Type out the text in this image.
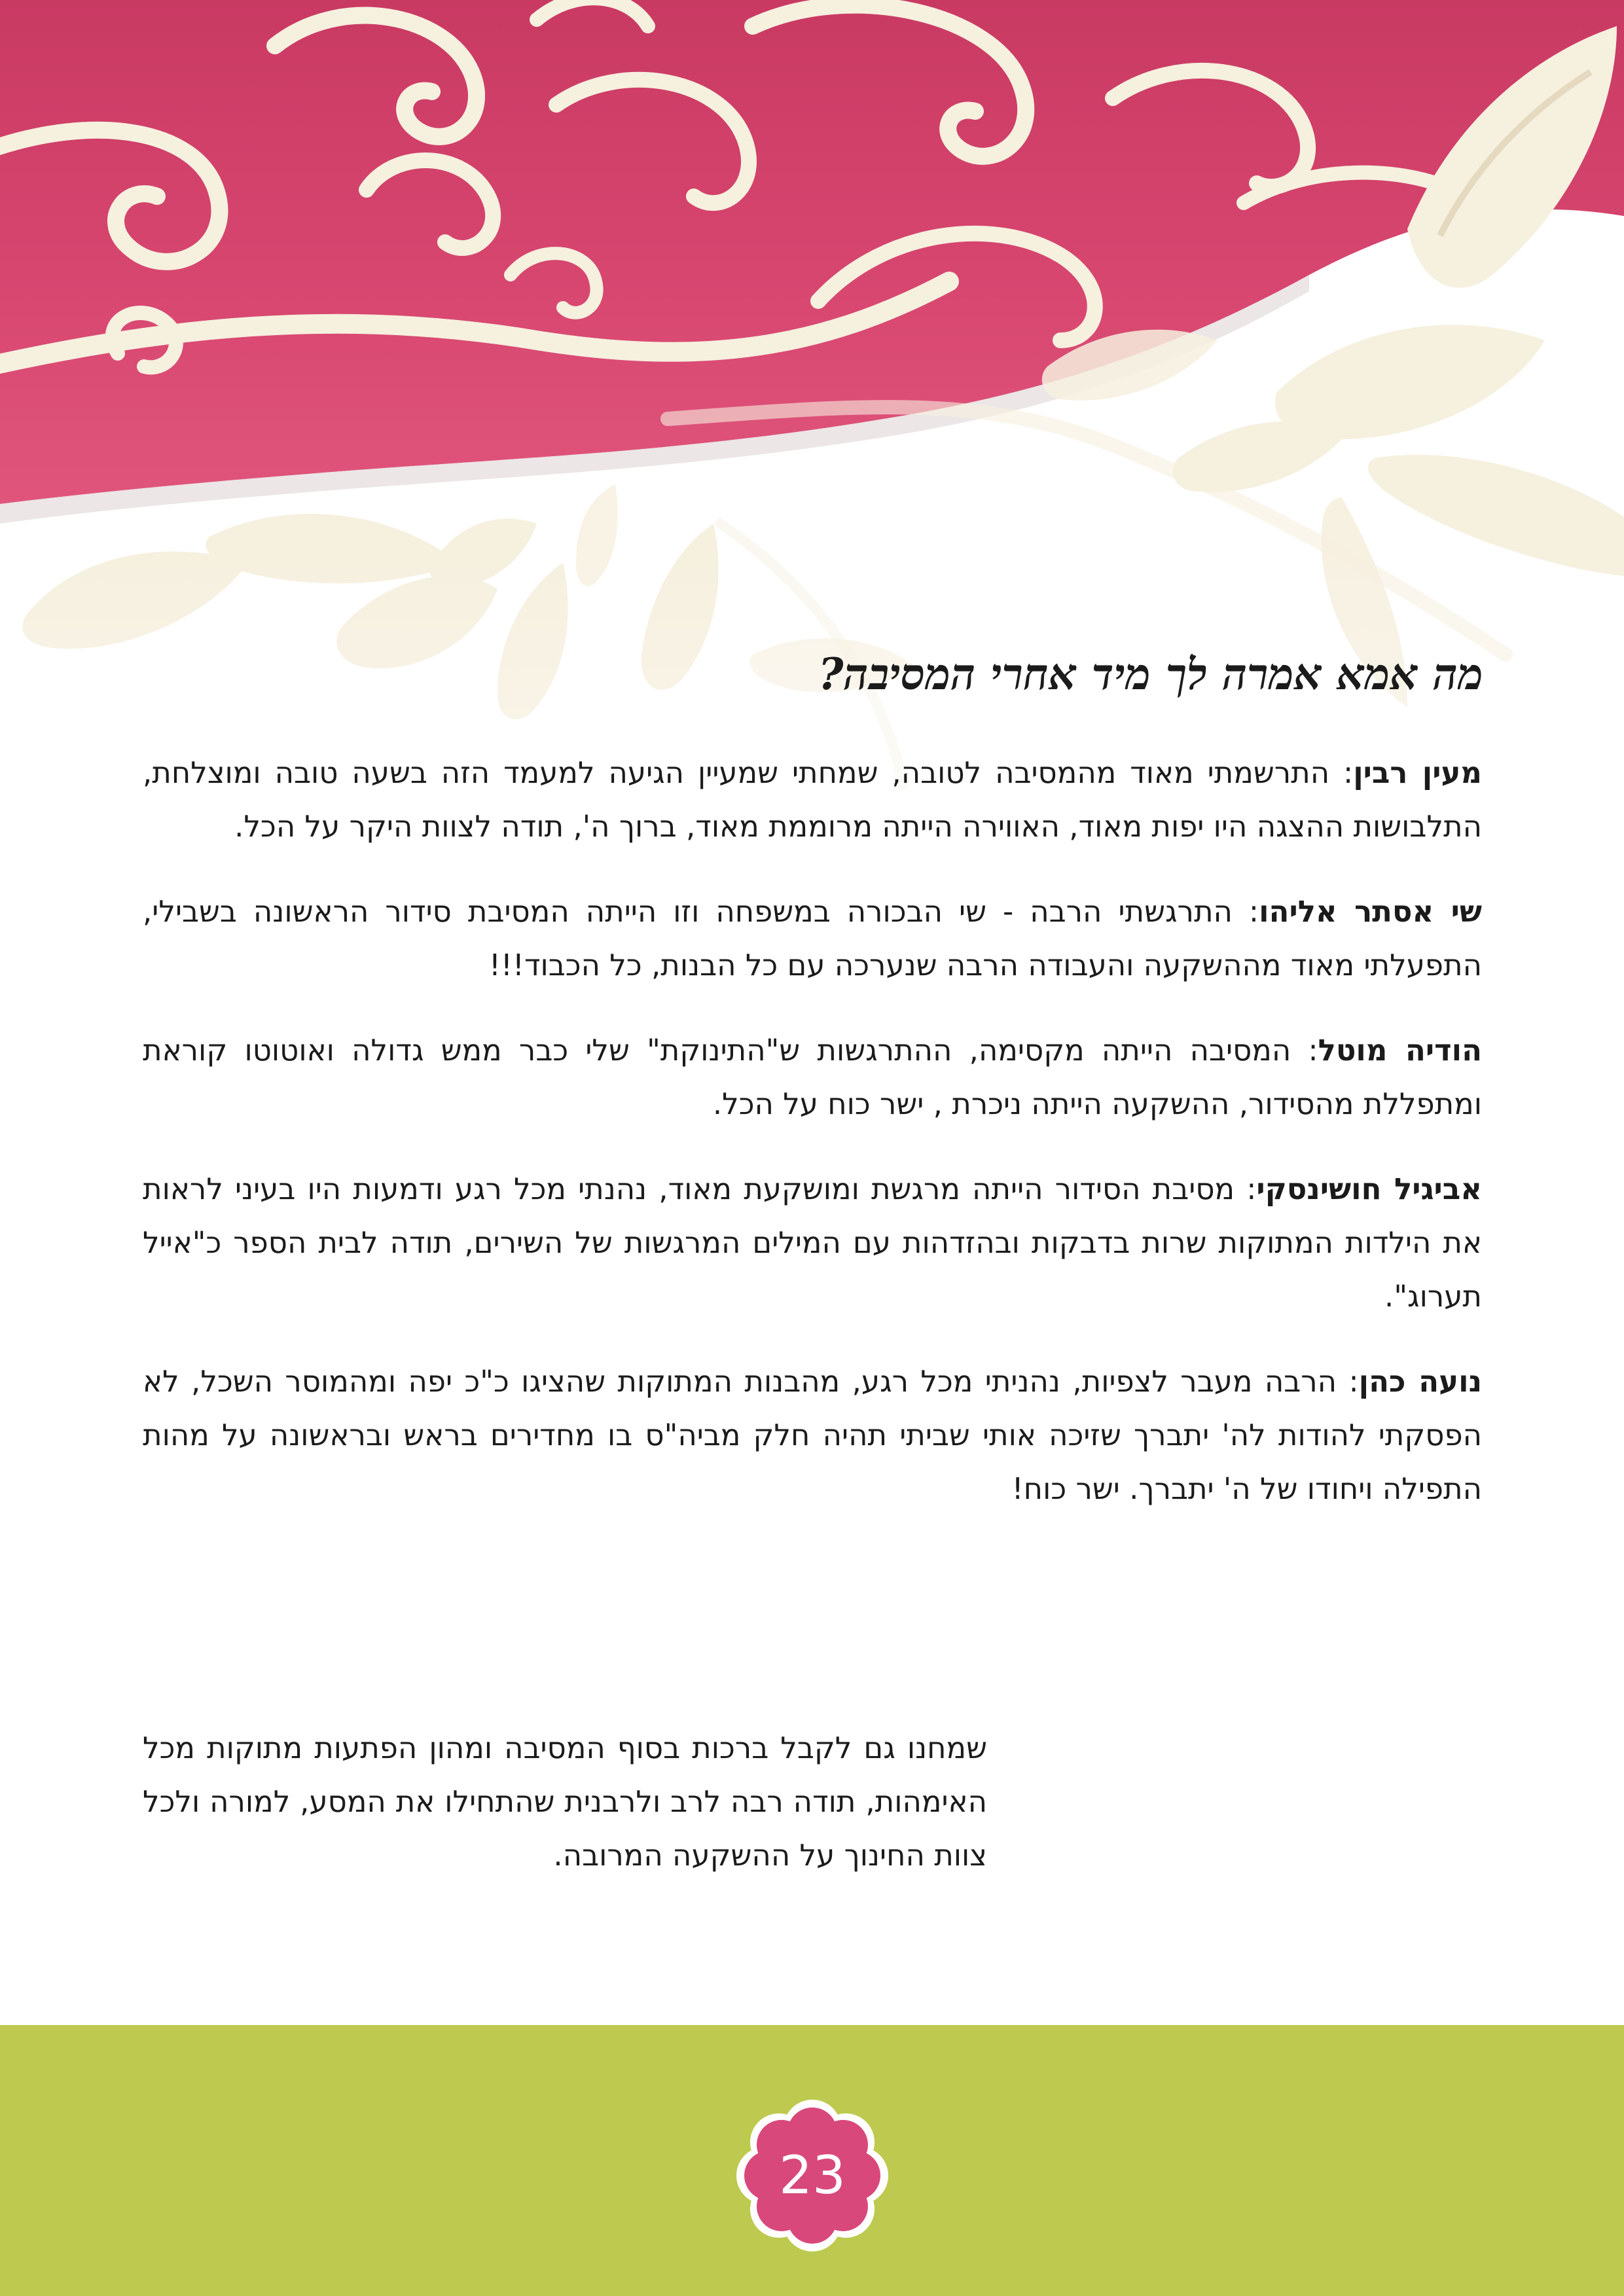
מה אמא אמרה לך מיד אחרי המסיבה?

מעין רבין: התרשמתי מאוד מהמסיבה לטובה, שמחתי שמעיין הגיעה למעמד הזה בשעה טובה ומוצלחת, התלבושות ההצגה היו יפות מאוד, האווירה הייתה מרוממת מאוד, ברוך ה', תודה לצוות היקר על הכל.

שי אסתר אליהו: התרגשתי הרבה - שי הבכורה במשפחה וזו הייתה המסיבת סידור הראשונה בשבילי, התפעלתי מאוד מההשקעה והעבודה הרבה שנערכה עם כל הבנות, כל הכבוד!!!

הודיה מוטל: המסיבה הייתה מקסימה, ההתרגשות ש"התינוקת" שלי כבר ממש גדולה ואוטוטו קוראת ומתפללת מהסידור, ההשקעה הייתה ניכרת , ישר כוח על הכל.

אביגיל חושינסקי: מסיבת הסידור הייתה מרגשת ומושקעת מאוד, נהנתי מכל רגע ודמעות היו בעיני לראות את הילדות המתוקות שרות בדבקות ובהזדהות עם המילים המרגשות של השירים, תודה לבית הספר כ"אייל תערוג".

נועה כהן: הרבה מעבר לצפיות, נהניתי מכל רגע, מהבנות המתוקות שהציגו כ"כ יפה ומהמוסר השכל, לא הפסקתי להודות לה' יתברך שזיכה אותי שביתי תהיה חלק מביה"ס בו מחדירים בראש ובראשונה על מהות התפילה ויחודו של ה' יתברך. ישר כוח!

שמחנו גם לקבל ברכות בסוף המסיבה ומהון הפתעות מתוקות מכל האימהות, תודה רבה לרב ולרבנית שהתחילו את המסע, למורה ולכל צוות החינוך על ההשקעה המרובה.

23
